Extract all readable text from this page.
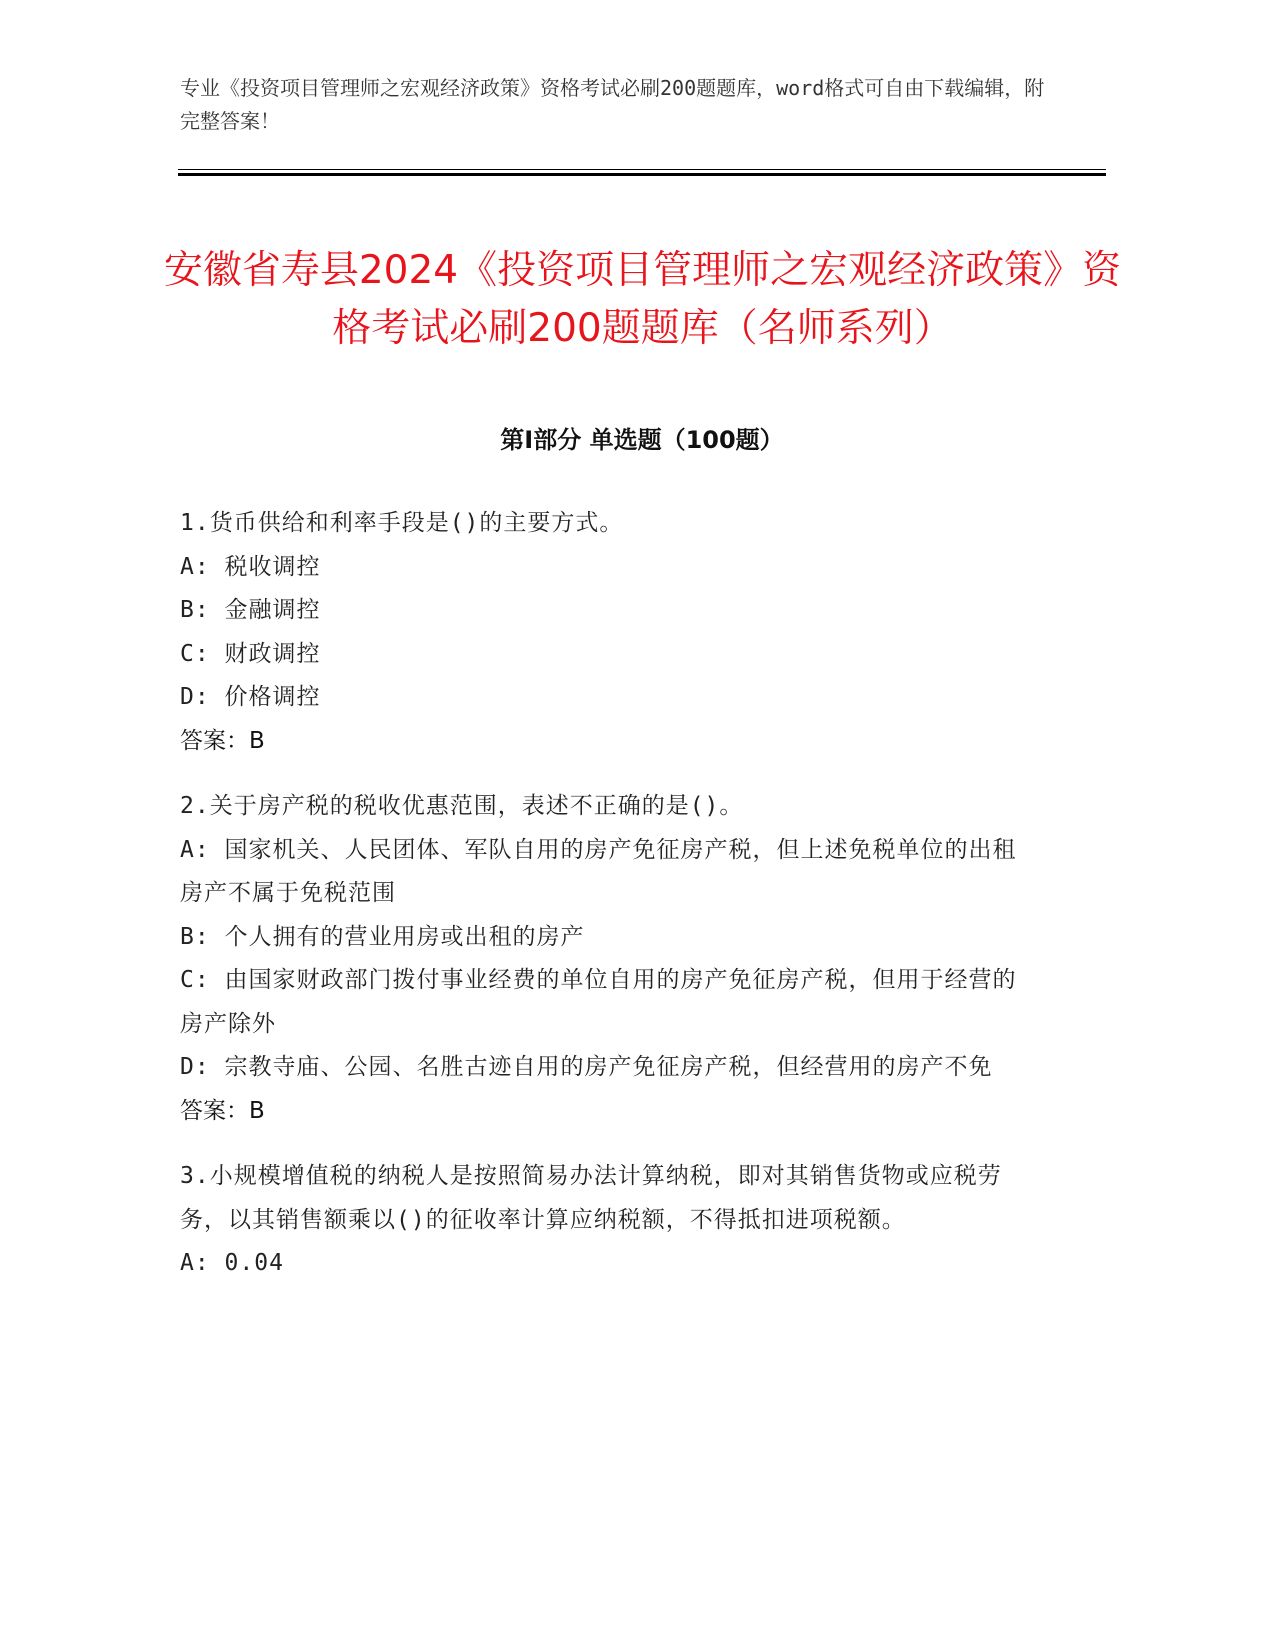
专业《投资项目管理师之宏观经济政策》资格考试必刷200题题库，word格式可自由下载编辑，附完整答案！
安徽省寿县2024《投资项目管理师之宏观经济政策》资格考试必刷200题题库（名师系列）
第I部分 单选题（100题）
1.货币供给和利率手段是()的主要方式。
A: 税收调控
B: 金融调控
C: 财政调控
D: 价格调控
答案：B
2.关于房产税的税收优惠范围，表述不正确的是()。
A: 国家机关、人民团体、军队自用的房产免征房产税，但上述免税单位的出租房产不属于免税范围
B: 个人拥有的营业用房或出租的房产
C: 由国家财政部门拨付事业经费的单位自用的房产免征房产税，但用于经营的房产除外
D: 宗教寺庙、公园、名胜古迹自用的房产免征房产税，但经营用的房产不免
答案：B
3.小规模增值税的纳税人是按照简易办法计算纳税，即对其销售货物或应税劳务，以其销售额乘以()的征收率计算应纳税额，不得抵扣进项税额。
A: 0.04
